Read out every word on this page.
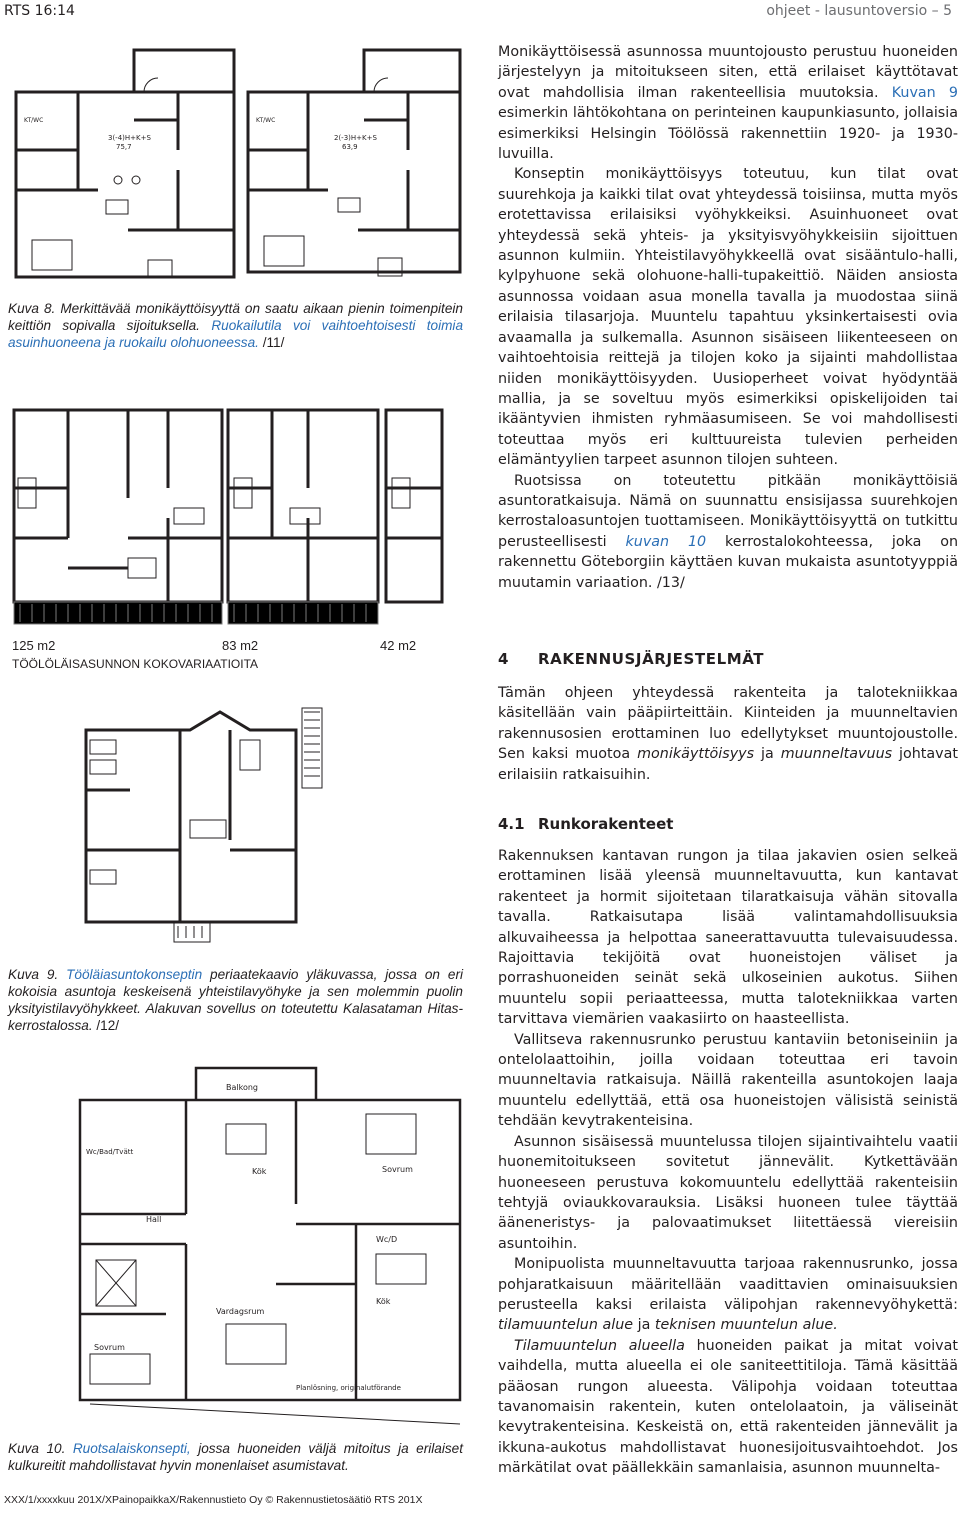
RTS 16:14	ohjeet - lausuntoversio – 5
3(-4)H+K+S
75,7
KT/WC
2(-3)H+K+S
63,9
KT/WC
Kuva 8. Merkittävää monikäyttöisyyttä on saatu aikaan pienin toimenpitein keittiön sopivalla sijoituksella. Ruokailutila voi vaihtoehtoisesti toimia asuinhuoneena ja ruokailu olohuoneessa. /11/
125 m2	83 m2	42 m2
TÖÖLÖLÄISASUNNON KOKOVARIAATIOITA
Kuva 9. Tööläiasuntokonseptin periaatekaavio yläkuvassa, jossa on eri kokoisia asuntoja keskeisenä yhteistilavyöhyke ja sen molemmin puolin yksityistilavyöhykkeet. Alakuvan sovellus on toteutettu Kalasataman Hitas-kerrostalossa. /12/
Balkong
Kök	Sovrum
Hall
Wc/Bad/Tvätt
Vardagsrum
Sovrum
Kök
Wc/D
Planlösning, originalutförande
Kuva 10. Ruotsalaiskonsepti, jossa huoneiden väljä mitoitus ja erilaiset kulkureitit mahdollistavat hyvin monenlaiset asumistavat.

Monikäyttöisessä asunnossa muuntojousto perustuu huoneiden järjestelyyn ja mitoitukseen siten, että erilaiset käyttötavat ovat mahdollisia ilman rakenteellisia muutoksia. Kuvan 9 esimerkin lähtökohtana on perinteinen kaupunkiasunto, jollaisia esimerkiksi Helsingin Töölössä rakennettiin 1920- ja 1930-luvuilla.

Konseptin monikäyttöisyys toteutuu, kun tilat ovat suurehkoja ja kaikki tilat ovat yhteydessä toisiinsa, mutta myös erotettavissa erilaisiksi vyöhykkeiksi. Asuinhuoneet ovat yhteydessä sekä yhteis- ja yksityisvyöhykkeisiin sijoittuen asunnon kulmiin. Yhteistilavyöhykkeellä ovat sisääntulo-halli, kylpyhuone sekä olohuone-halli-tupakeittiö. Näiden ansiosta asunnossa voidaan asua monella tavalla ja muodostaa siinä erilaisia tilasarjoja. Muuntelu tapahtuu yksinkertaisesti ovia avaamalla ja sulkemalla. Asunnon sisäiseen liikenteeseen on vaihtoehtoisia reittejä ja tilojen koko ja sijainti mahdollistaa niiden monikäyttöisyyden. Uusioperheet voivat hyödyntää mallia, ja se soveltuu myös esimerkiksi opiskelijoiden tai ikääntyvien ihmisten ryhmäasumiseen. Se voi mahdollisesti toteuttaa myös eri kulttuureista tulevien perheiden elämäntyylien tarpeet asunnon tilojen suhteen.

Ruotsissa on toteutettu pitkään monikäyttöisiä asuntoratkaisuja. Nämä on suunnattu ensisijassa suurehkojen kerrostaloasuntojen tuottamiseen. Monikäyttöisyyttä on tutkittu perusteellisesti kuvan 10 kerrostalokohteessa, joka on rakennettu Göteborgiin käyttäen kuvan mukaista asuntotyyppiä muutamin variaation. /13/

4 RAKENNUSJÄRJESTELMÄT

Tämän ohjeen yhteydessä rakenteita ja talotekniikkaa käsitellään vain pääpiirteittäin. Kiinteiden ja muunneltavien rakennusosien erottaminen luo edellytykset muuntojoustolle. Sen kaksi muotoa monikäyttöisyys ja muunneltavuus johtavat erilaisiin ratkaisuihin.

4.1 Runkorakenteet

Rakennuksen kantavan rungon ja tilaa jakavien osien selkeä erottaminen lisää yleensä muunneltavuutta, kun kantavat rakenteet ja hormit sijoitetaan tilaratkaisuja vähän sitovalla tavalla. Ratkaisutapa lisää valintamahdollisuuksia alkuvaiheessa ja helpottaa saneerattavuutta tulevaisuudessa. Rajoittavia tekijöitä ovat huoneistojen väliset ja porrashuoneiden seinät sekä ulkoseinien aukotus. Siihen muuntelu sopii periaatteessa, mutta talotekniikkaa varten tarvittava viemärien vaakasiirto on haasteellista.

Vallitseva rakennusrunko perustuu kantaviin betoniseiniin ja ontelolaattoihin, joilla voidaan toteuttaa eri tavoin muunneltavia ratkaisuja. Näillä rakenteilla asuntokojen laaja muuntelu edellyttää, että osa huoneistojen välisistä seinistä tehdään kevytrakenteisina.

Asunnon sisäisessä muuntelussa tilojen sijaintivaihtelu vaatii huonemitoitukseen sovitetut jännevälit. Kytkettävään huoneeseen perustuva kokomuuntelu edellyttää rakenteisiin tehtyjä oviaukkovarauksia. Lisäksi huoneen tulee täyttää ääneneristys- ja palovaatimukset liitettäessä viereisiin asuntoihin.

Monipuolista muunneltavuutta tarjoaa rakennusrunko, jossa pohjaratkaisuun määritellään vaadittavien ominaisuuksien perusteella kaksi erilaista välipohjan rakennevyöhykettä: tilamuuntelun alue ja teknisen muuntelun alue.

Tilamuuntelun alueella huoneiden paikat ja mitat voivat vaihdella, mutta alueella ei ole saniteettitiloja. Tämä käsittää pääosan rungon alueesta. Välipohja voidaan toteuttaa tavanomaisin rakentein, kuten ontelolaatoin, ja väliseinät kevytrakenteisina. Keskeistä on, että rakenteiden jännevälit ja ikkuna-aukotus mahdollistavat huonesijoitusvaihtoehdot. Jos märkätilat ovat päällekkäin samanlaisia, asunnon muunnelta-

XXX/1/xxxxkuu 201X/XPainopaikkaX/Rakennustieto Oy © Rakennustietosäätiö RTS 201X
